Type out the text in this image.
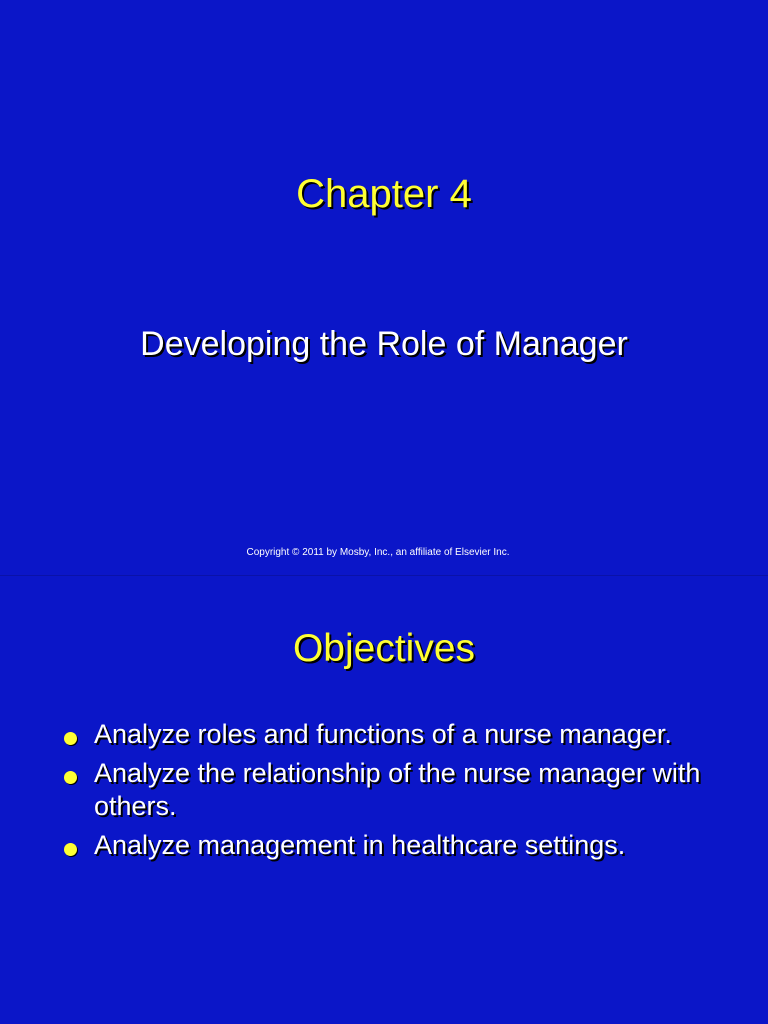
Chapter 4
Developing the Role of Manager
Copyright © 2011 by Mosby, Inc., an affiliate of Elsevier Inc.
Objectives
Analyze roles and functions of a nurse manager.
Analyze the relationship of the nurse manager with others.
Analyze management in healthcare settings.
